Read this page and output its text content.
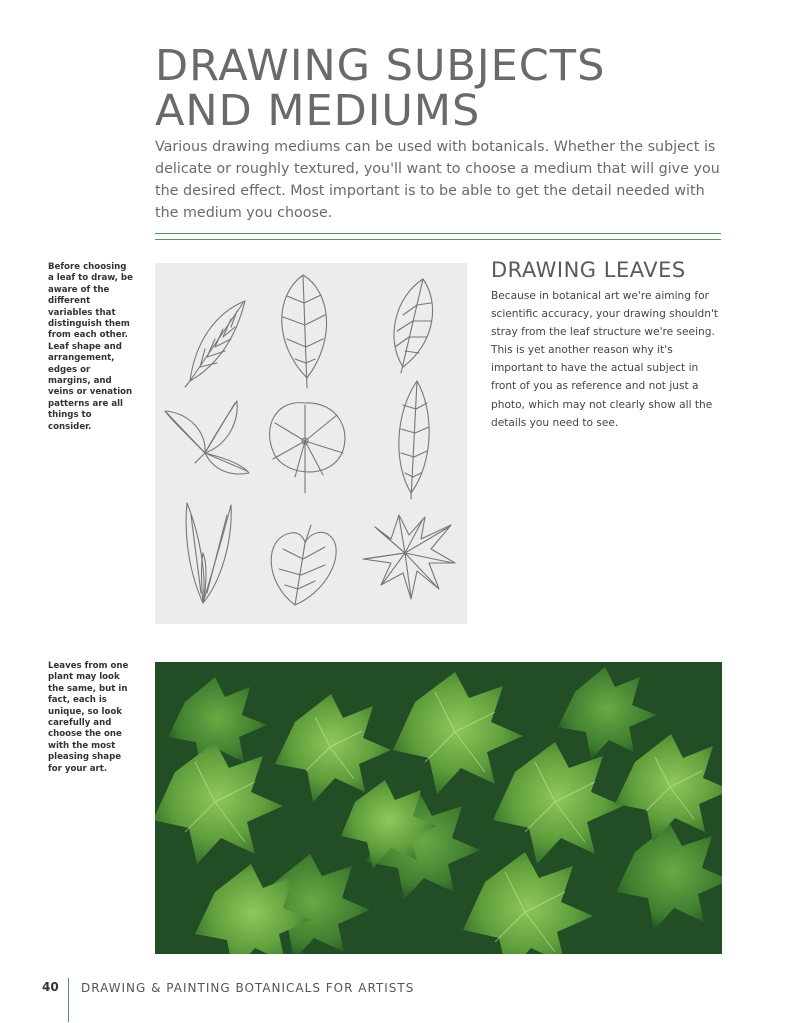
DRAWING SUBJECTS
AND MEDIUMS

Various drawing mediums can be used with botanicals. Whether the subject is delicate or roughly textured, you'll want to choose a medium that will give you the desired effect. Most important is to be able to get the detail needed with the medium you choose.

Before choosing a leaf to draw, be aware of the different variables that distinguish them from each other. Leaf shape and arrangement, edges or margins, and veins or venation patterns are all things to consider.

DRAWING LEAVES

Because in botanical art we're aiming for scientific accuracy, your drawing shouldn't stray from the leaf structure we're seeing. This is yet another reason why it's important to have the actual subject in front of you as reference and not just a photo, which may not clearly show all the details you need to see.

Leaves from one plant may look the same, but in fact, each is unique, so look carefully and choose the one with the most pleasing shape for your art.

40 DRAWING & PAINTING BOTANICALS FOR ARTISTS
